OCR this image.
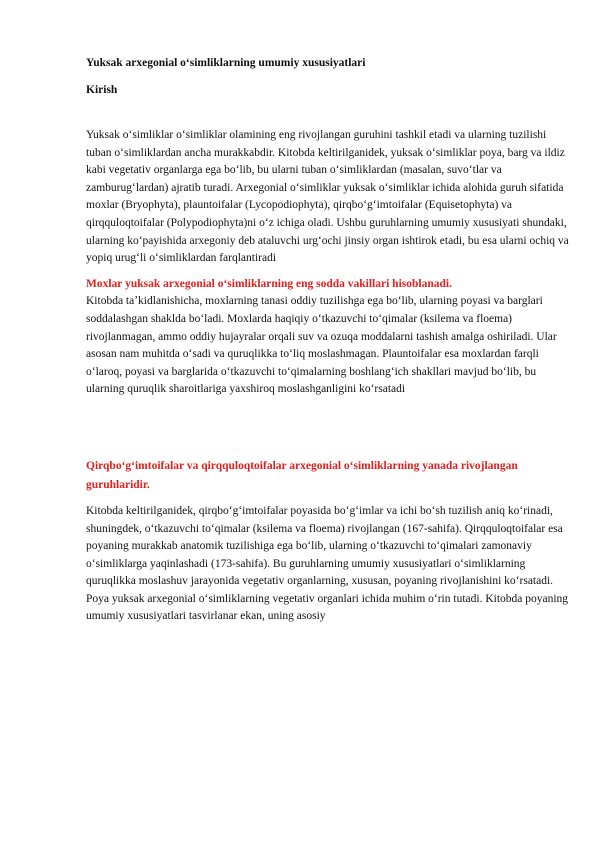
Yuksak arxegonial oʻsimliklarning umumiy xususiyatlari

Kirish

Yuksak oʻsimliklar oʻsimliklar olamining eng rivojlangan guruhini tashkil etadi va ularning tuzilishi tuban oʻsimliklardan ancha murakkabdir. Kitobda keltirilganidek, yuksak oʻsimliklar poya, barg va ildiz kabi vegetativ organlarga ega boʻlib, bu ularni tuban oʻsimliklardan (masalan, suvoʻtlar va zamburugʻlardan) ajratib turadi. Arxegonial oʻsimliklar yuksak oʻsimliklar ichida alohida guruh sifatida moxlar (Bryophyta), plauntoifalar (Lycopodiophyta), qirqboʻgʻimtoifalar (Equisetophyta) va qirqquloqtoifalar (Polypodiophyta)ni oʻz ichiga oladi. Ushbu guruhlarning umumiy xususiyati shundaki, ularning koʻpayishida arxegoniy deb ataluvchi urgʻochi jinsiy organ ishtirok etadi, bu esa ularni ochiq va yopiq urugʻli oʻsimliklardan farqlantiradi

Moxlar yuksak arxegonial oʻsimliklarning eng sodda vakillari hisoblanadi.

Kitobda taʼkidlanishicha, moxlarning tanasi oddiy tuzilishga ega boʻlib, ularning poyasi va barglari soddalashgan shaklda boʻladi. Moxlarda haqiqiy oʻtkazuvchi toʻqimalar (ksilema va floema) rivojlanmagan, ammo oddiy hujayralar orqali suv va ozuqa moddalarni tashish amalga oshiriladi. Ular asosan nam muhitda oʻsadi va quruqlikka toʻliq moslashmagan. Plauntoifalar esa moxlardan farqli oʻlaroq, poyasi va barglarida oʻtkazuvchi toʻqimalarning boshlangʻich shakllari mavjud boʻlib, bu ularning quruqlik sharoitlariga yaxshiroq moslashganligini koʻrsatadi

Qirqboʻgʻimtoifalar va qirqquloqtoifalar arxegonial oʻsimliklarning yanada rivojlangan guruhlaridir.

Kitobda keltirilganidek, qirqboʻgʻimtoifalar poyasida boʻgʻimlar va ichi boʻsh tuzilish aniq koʻrinadi, shuningdek, oʻtkazuvchi toʻqimalar (ksilema va floema) rivojlangan (167-sahifa). Qirqquloqtoifalar esa poyaning murakkab anatomik tuzilishiga ega boʻlib, ularning oʻtkazuvchi toʻqimalari zamonaviy oʻsimliklarga yaqinlashadi (173-sahifa). Bu guruhlarning umumiy xususiyatlari oʻsimliklarning quruqlikka moslashuv jarayonida vegetativ organlarning, xususan, poyaning rivojlanishini koʻrsatadi.

Poya yuksak arxegonial oʻsimliklarning vegetativ organlari ichida muhim oʻrin tutadi. Kitobda poyaning umumiy xususiyatlari tasvirlanar ekan, uning asosiy
